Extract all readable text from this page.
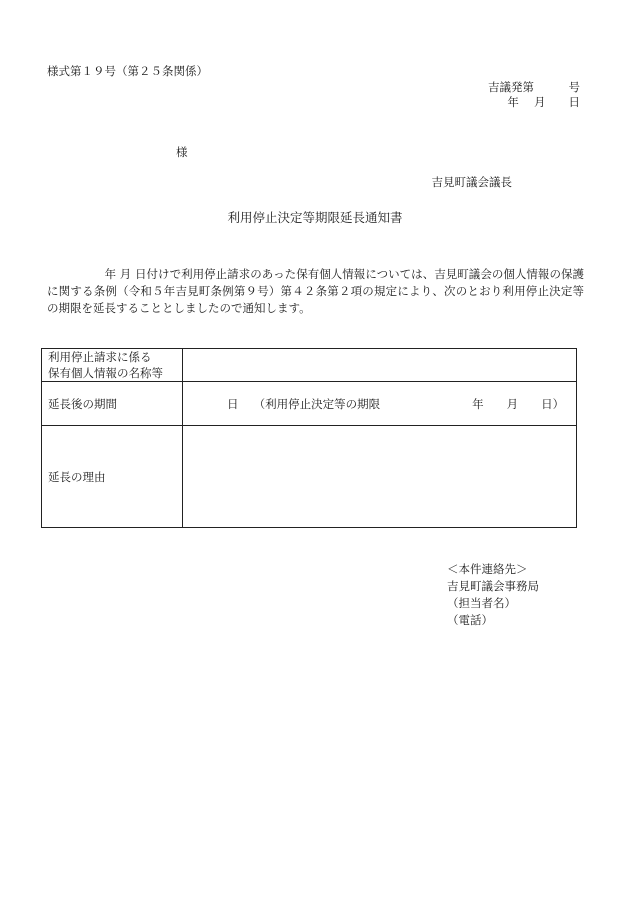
様式第１９号（第２５条関係）
吉議発第　　　号
年　 月　　日
様
吉見町議会議長
利用停止決定等期限延長通知書
　　　　　年 月 日付けで利用停止請求のあった保有個人情報については、吉見町議会の個人情報の保護に関する条例（令和５年吉見町条例第９号）第４２条第２項の規定により、次のとおり利用停止決定等の期限を延長することとしましたので通知します。
利用停止請求に係る
保有個人情報の名称等	

延長後の期間	日　 （利用停止決定等の期限　　　　　　　　年　　月　　日）
延長の理由	
＜本件連絡先＞
吉見町議会事務局
（担当者名）
（電話）
